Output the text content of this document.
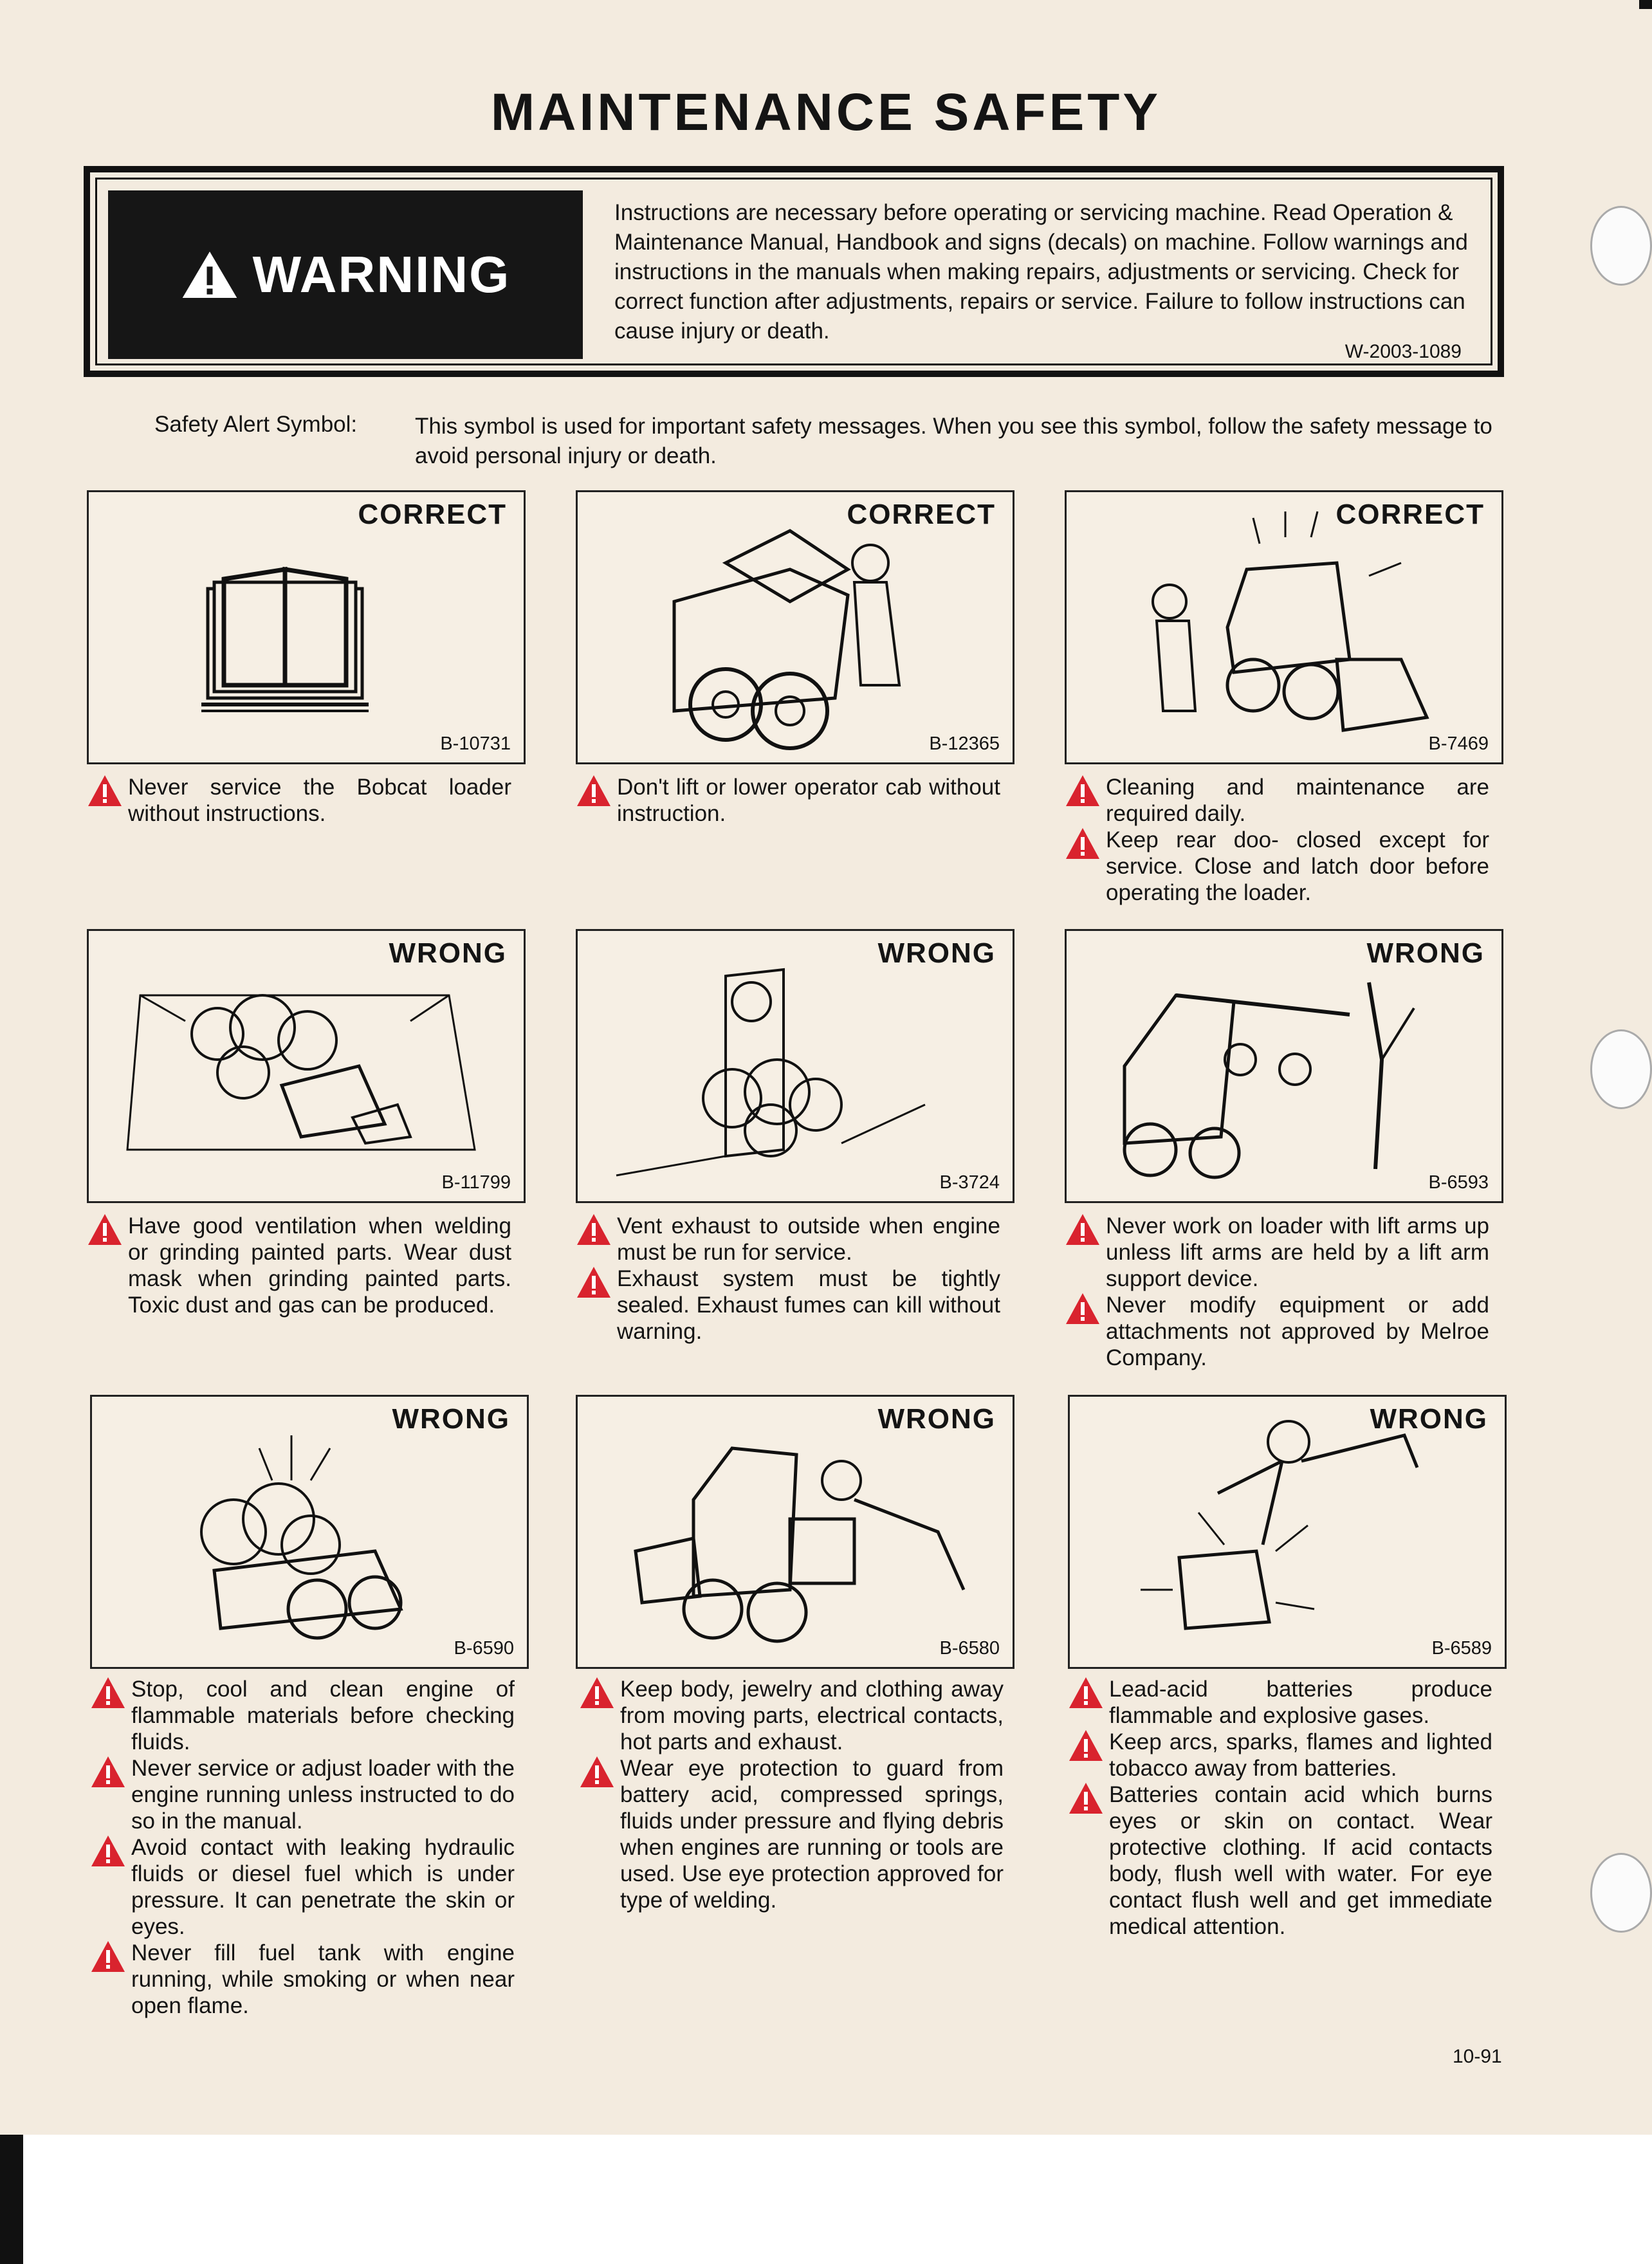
MAINTENANCE SAFETY
WARNING
Instructions are necessary before operating or servicing machine. Read Operation & Maintenance Manual, Handbook and signs (decals) on machine. Follow warnings and instructions in the manuals when making repairs, adjustments or servicing. Check for correct function after adjustments, repairs or service. Failure to follow instructions can cause injury or death.
W-2003-1089
Safety Alert Symbol:	This symbol is used for important safety messages. When you see this symbol, follow the safety message to avoid personal injury or death.
CORRECT
B-10731
CORRECT
B-12365
CORRECT
B-7469
Never service the Bobcat loader without instructions.
Don't lift or lower operator cab without instruction.
Cleaning and maintenance are required daily.
Keep rear doo- closed except for service. Close and latch door before operating the loader.
WRONG
B-11799
WRONG
B-3724
WRONG
B-6593
Have good ventilation when welding or grinding painted parts. Wear dust mask when grinding painted parts. Toxic dust and gas can be produced.
Vent exhaust to outside when engine must be run for service.
Exhaust system must be tightly sealed. Exhaust fumes can kill without warning.
Never work on loader with lift arms up unless lift arms are held by a lift arm support device.
Never modify equipment or add attachments not approved by Melroe Company.
WRONG
B-6590
WRONG
B-6580
WRONG
B-6589
Stop, cool and clean engine of flammable materials before checking fluids.
Never service or adjust loader with the engine running unless instructed to do so in the manual.
Avoid contact with leaking hydraulic fluids or diesel fuel which is under pressure. It can penetrate the skin or eyes.
Never fill fuel tank with engine running, while smoking or when near open flame.
Keep body, jewelry and clothing away from moving parts, electrical contacts, hot parts and exhaust.
Wear eye protection to guard from battery acid, compressed springs, fluids under pressure and flying debris when engines are running or tools are used. Use eye protection approved for type of welding.
Lead-acid batteries produce flammable and explosive gases.
Keep arcs, sparks, flames and lighted tobacco away from batteries.
Batteries contain acid which burns eyes or skin on contact. Wear protective clothing. If acid contacts body, flush well with water. For eye contact flush well and get immediate medical attention.
10-91
